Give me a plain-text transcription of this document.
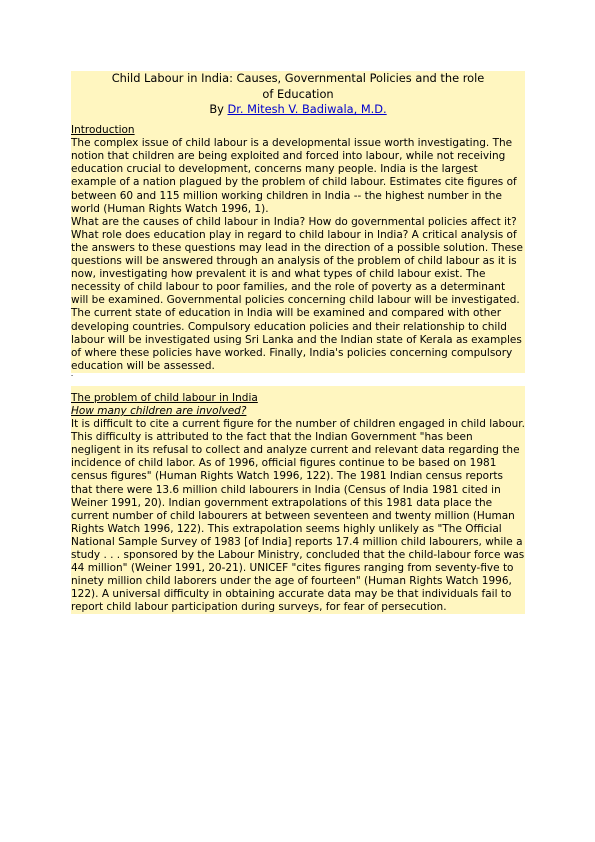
Child Labour in India: Causes, Governmental Policies and the role
of Education
By Dr. Mitesh V. Badiwala, M.D.
Introduction
The complex issue of child labour is a developmental issue worth investigating. The notion that children are being exploited and forced into labour, while not receiving education crucial to development, concerns many people. India is the largest example of a nation plagued by the problem of child labour. Estimates cite figures of between 60 and 115 million working children in India -- the highest number in the world (Human Rights Watch 1996, 1).
What are the causes of child labour in India? How do governmental policies affect it? What role does education play in regard to child labour in India? A critical analysis of the answers to these questions may lead in the direction of a possible solution. These questions will be answered through an analysis of the problem of child labour as it is now, investigating how prevalent it is and what types of child labour exist. The necessity of child labour to poor families, and the role of poverty as a determinant will be examined. Governmental policies concerning child labour will be investigated. The current state of education in India will be examined and compared with other developing countries. Compulsory education policies and their relationship to child labour will be investigated using Sri Lanka and the Indian state of Kerala as examples of where these policies have worked. Finally, India's policies concerning compulsory education will be assessed.
-
The problem of child labour in India
How many children are involved?
It is difficult to cite a current figure for the number of children engaged in child labour. This difficulty is attributed to the fact that the Indian Government "has been negligent in its refusal to collect and analyze current and relevant data regarding the incidence of child labor. As of 1996, official figures continue to be based on 1981 census figures" (Human Rights Watch 1996, 122). The 1981 Indian census reports that there were 13.6 million child labourers in India (Census of India 1981 cited in Weiner 1991, 20). Indian government extrapolations of this 1981 data place the current number of child labourers at between seventeen and twenty million (Human Rights Watch 1996, 122). This extrapolation seems highly unlikely as "The Official National Sample Survey of 1983 [of India] reports 17.4 million child labourers, while a study . . . sponsored by the Labour Ministry, concluded that the child-labour force was 44 million" (Weiner 1991, 20-21). UNICEF "cites figures ranging from seventy-five to ninety million child laborers under the age of fourteen" (Human Rights Watch 1996, 122). A universal difficulty in obtaining accurate data may be that individuals fail to report child labour participation during surveys, for fear of persecution.
